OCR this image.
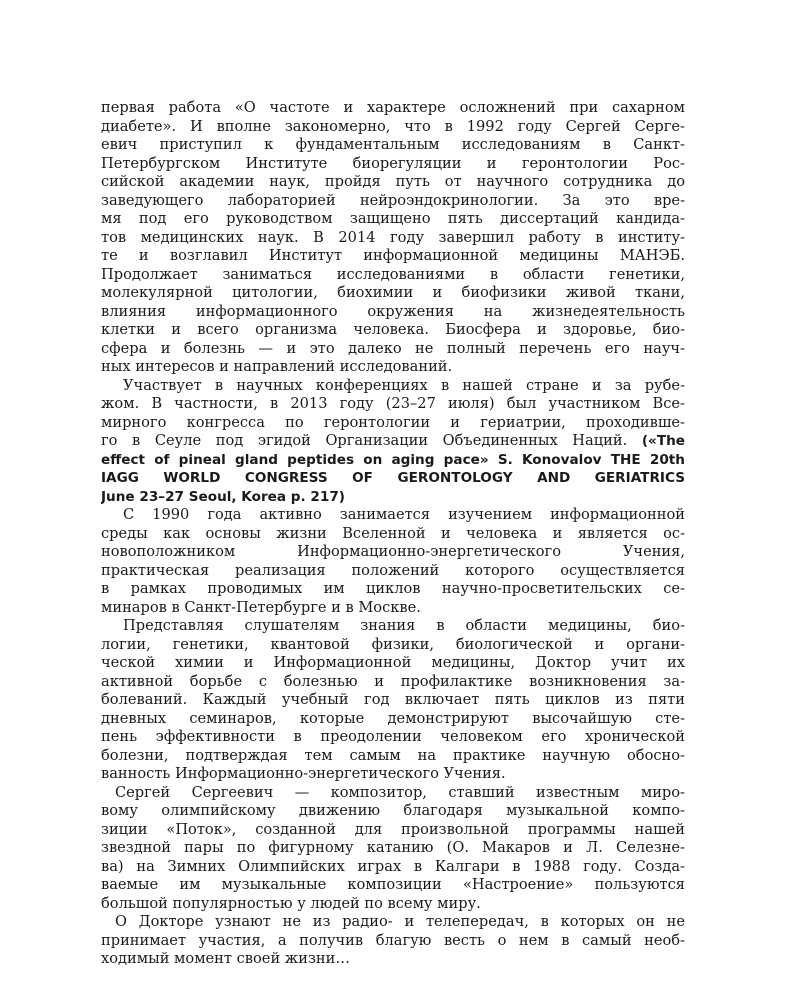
первая работа «О частоте и характере осложнений при сахарном
диабете». И вполне закономерно, что в 1992 году Сергей Серге-
евич приступил к фундаментальным исследованиям в Санкт-
Петербургском Институте биорегуляции и геронтологии Рос-
сийской академии наук, пройдя путь от научного сотрудника до
заведующего лабораторией нейроэндокринологии. За это вре-
мя под его руководством защищено пять диссертаций кандида-
тов медицинских наук. В 2014 году завершил работу в институ-
те и возглавил Институт информационной медицины МАНЭБ.
Продолжает заниматься исследованиями в области генетики,
молекулярной цитологии, биохимии и биофизики живой ткани,
влияния информационного окружения на жизнедеятельность
клетки и всего организма человека. Биосфера и здоровье, био-
сфера и болезнь — и это далеко не полный перечень его науч-
ных интересов и направлений исследований.
Участвует в научных конференциях в нашей стране и за рубе-
жом. В частности, в 2013 году (23–27 июля) был участником Все-
мирного конгресса по геронтологии и гериатрии, проходивше-
го в Сеуле под эгидой Организации Объединенных Наций. («The
effect of pineal gland peptides on aging pace» S. Konovalov THE 20th
IAGG WORLD CONGRESS OF GERONTOLOGY AND GERIATRICS
June 23–27 Seoul, Korea p. 217)
С 1990 года активно занимается изучением информационной
среды как основы жизни Вселенной и человека и является ос-
новоположником Информационно-энергетического Учения,
практическая реализация положений которого осуществляется
в рамках проводимых им циклов научно-просветительских се-
минаров в Санкт-Петербурге и в Москве.
Представляя слушателям знания в области медицины, био-
логии, генетики, квантовой физики, биологической и органи-
ческой химии и Информационной медицины, Доктор учит их
активной борьбе с болезнью и профилактике возникновения за-
болеваний. Каждый учебный год включает пять циклов из пяти
дневных семинаров, которые демонстрируют высочайшую сте-
пень эффективности в преодолении человеком его хронической
болезни, подтверждая тем самым на практике научную обосно-
ванность Информационно-энергетического Учения.
Сергей Сергеевич — композитор, ставший известным миро-
вому олимпийскому движению благодаря музыкальной компо-
зиции «Поток», созданной для произвольной программы нашей
звездной пары по фигурному катанию (О. Макаров и Л. Селезне-
ва) на Зимних Олимпийских играх в Калгари в 1988 году. Созда-
ваемые им музыкальные композиции «Настроение» пользуются
большой популярностью у людей по всему миру.
О Докторе узнают не из радио- и телепередач, в которых он не
принимает участия, а получив благую весть о нем в самый необ-
ходимый момент своей жизни…
